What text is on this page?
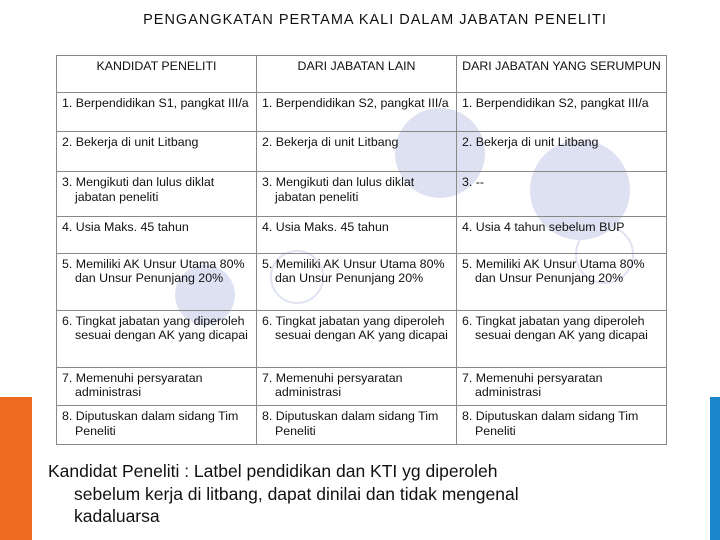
PENGANGKATAN PERTAMA KALI DALAM JABATAN PENELITI
KANDIDAT PENELITI	DARI JABATAN LAIN	DARI JABATAN YANG SERUMPUN

1. Berpendidikan S1, pangkat III/a	1. Berpendidikan S2, pangkat III/a	1. Berpendidikan S2, pangkat III/a

2. Bekerja di unit Litbang	2. Bekerja di unit Litbang	2. Bekerja di unit Litbang

3. Mengikuti dan lulus diklat jabatan peneliti	3. Mengikuti dan lulus diklat jabatan peneliti	3. --

4. Usia Maks. 45 tahun	4. Usia Maks. 45 tahun	4. Usia 4 tahun sebelum BUP

5. Memiliki AK Unsur Utama 80% dan Unsur Penunjang 20%	5. Memiliki AK Unsur Utama 80% dan Unsur Penunjang 20%	5. Memiliki AK Unsur Utama 80% dan Unsur Penunjang 20%

6. Tingkat jabatan yang diperoleh sesuai dengan AK yang dicapai	6. Tingkat jabatan yang diperoleh sesuai dengan AK yang dicapai	6. Tingkat jabatan yang diperoleh sesuai dengan AK yang dicapai

7. Memenuhi persyaratan administrasi	7. Memenuhi persyaratan administrasi	7. Memenuhi persyaratan administrasi

8. Diputuskan dalam sidang Tim Peneliti	8. Diputuskan dalam sidang Tim Peneliti	8. Diputuskan dalam sidang Tim Peneliti
Kandidat Peneliti : Latbel pendidikan dan KTI yg diperoleh
sebelum kerja di litbang, dapat dinilai dan tidak mengenal
kadaluarsa
